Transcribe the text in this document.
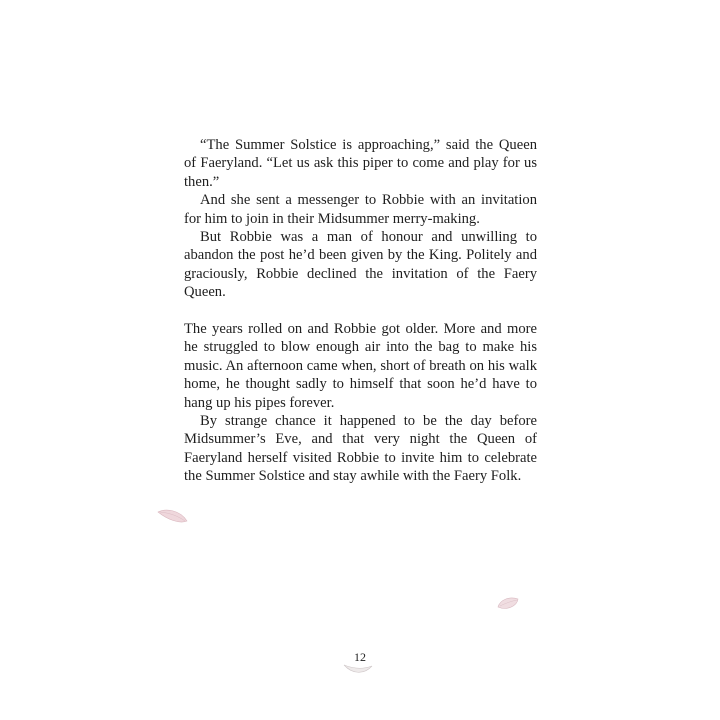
“The Summer Solstice is approaching,” said the Queen of Faeryland. “Let us ask this piper to come and play for us then.”

And she sent a messenger to Robbie with an invitation for him to join in their Midsummer merry-making.

But Robbie was a man of honour and unwilling to abandon the post he’d been given by the King. Politely and graciously, Robbie declined the invitation of the Faery Queen.

The years rolled on and Robbie got older. More and more he struggled to blow enough air into the bag to make his music. An afternoon came when, short of breath on his walk home, he thought sadly to himself that soon he’d have to hang up his pipes forever.

By strange chance it happened to be the day before Midsummer’s Eve, and that very night the Queen of Faeryland herself visited Robbie to invite him to celebrate the Summer Solstice and stay awhile with the Faery Folk.

12
